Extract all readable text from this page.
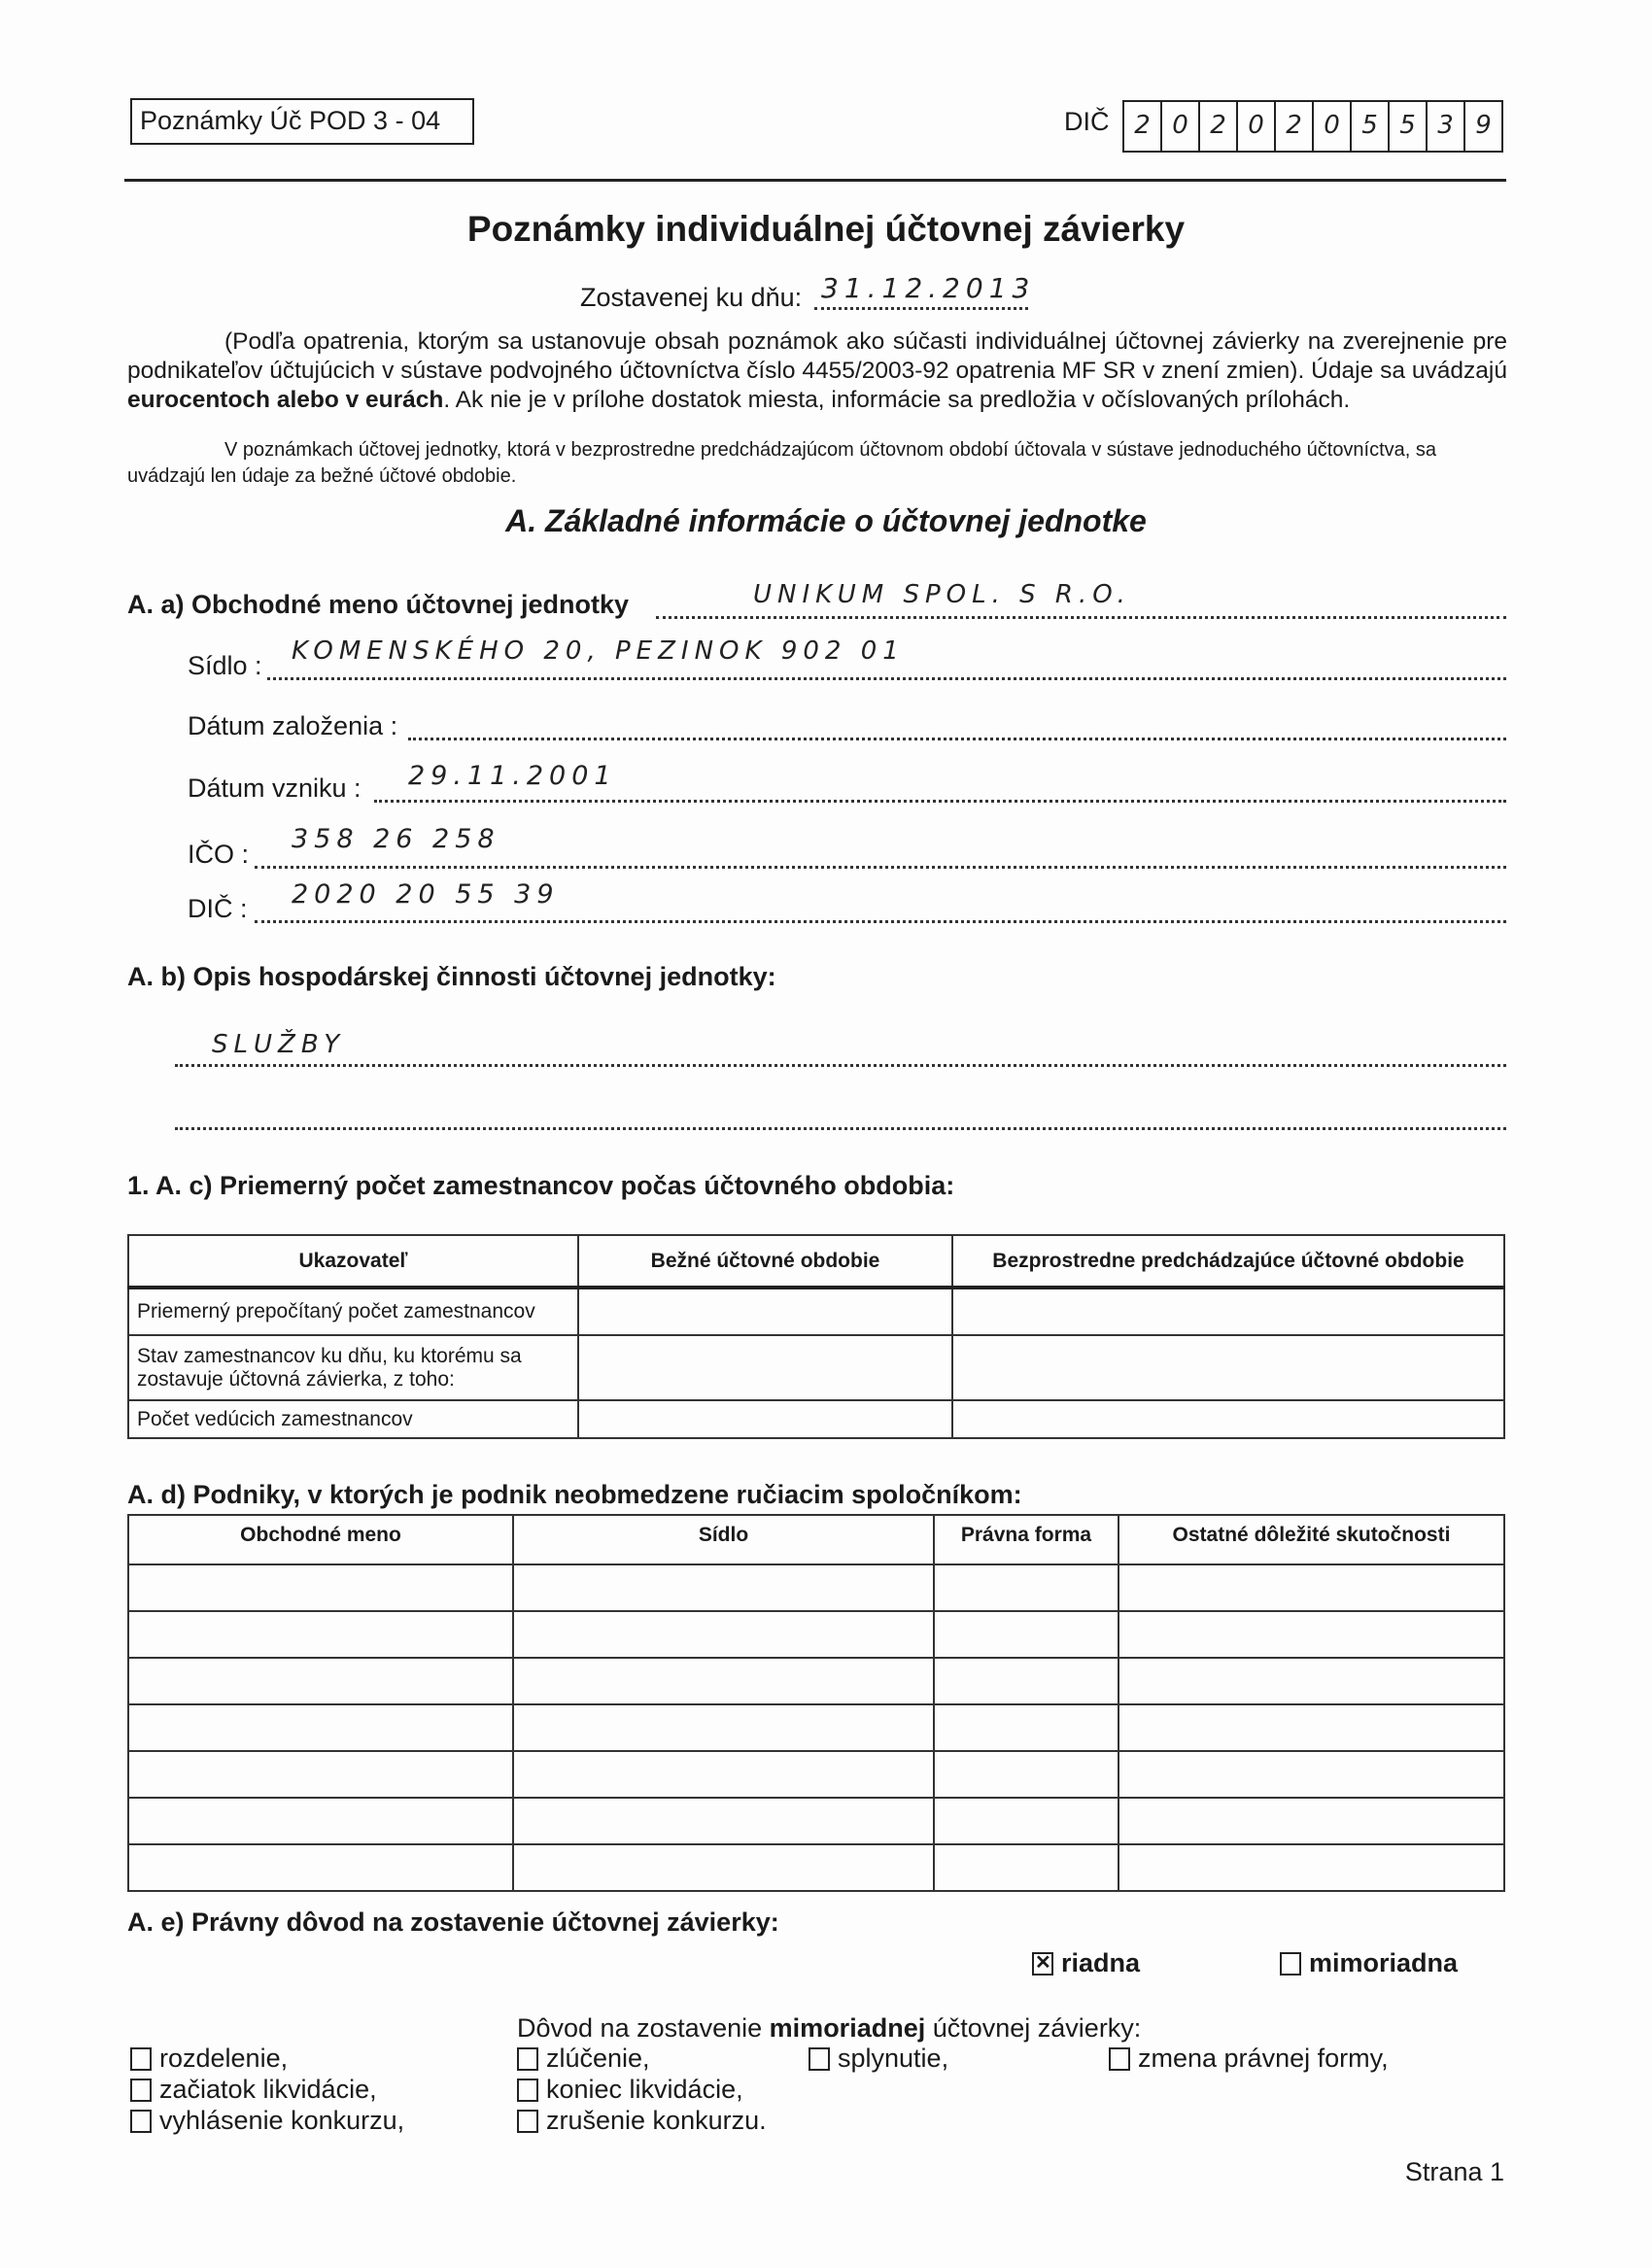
Poznámky Úč POD 3 - 04	DIČ 2 0 2 0 2 0 5 5 3 9
Poznámky individuálnej účtovnej závierky
Zostavenej ku dňu: 31.12.2013
(Podľa opatrenia, ktorým sa ustanovuje obsah poznámok ako súčasti individuálnej účtovnej závierky na zverejnenie pre podnikateľov účtujúcich v sústave podvojného účtovníctva číslo 4455/2003-92 opatrenia MF SR v znení zmien). Údaje sa uvádzajú eurocentoch alebo v eurách. Ak nie je v prílohe dostatok miesta, informácie sa predložia v očíslovaných prílohách.
V poznámkach účtovej jednotky, ktorá v bezprostredne predchádzajúcom účtovnom období účtovala v sústave jednoduchého účtovníctva, sa uvádzajú len údaje za bežné účtové obdobie.
A. Základné informácie o účtovnej jednotke
A. a) Obchodné meno účtovnej jednotky	UNIKUM SPOL. S R.O.
Sídlo : KOMENSKÉHO 20, PEZINOK 902 01
Dátum založenia :
Dátum vzniku : 29.11.2001
IČO : 358 26 258
DIČ : 2020 20 55 39
A. b) Opis hospodárskej činnosti účtovnej jednotky:
SLUŽBY
1. A. c) Priemerný počet zamestnancov počas účtovného obdobia:
Ukazovateľ	Bežné účtovné obdobie	Bezprostredne predchádzajúce účtovné obdobie
Priemerný prepočítaný počet zamestnancov		
Stav zamestnancov ku dňu, ku ktorému sa zostavuje účtovná závierka, z toho:		
Počet vedúcich zamestnancov		
A. d) Podniky, v ktorých je podnik neobmedzene ručiacim spoločníkom:
Obchodné meno	Sídlo	Právna forma	Ostatné dôležité skutočnosti

A. e) Právny dôvod na zostavenie účtovnej závierky:
✕riadna	mimoriadna
Dôvod na zostavenie mimoriadnej účtovnej závierky:
rozdelenie,	zlúčenie,	splynutie,	zmena právnej formy,
začiatok likvidácie,	koniec likvidácie,
vyhlásenie konkurzu,	zrušenie konkurzu.
Strana 1
